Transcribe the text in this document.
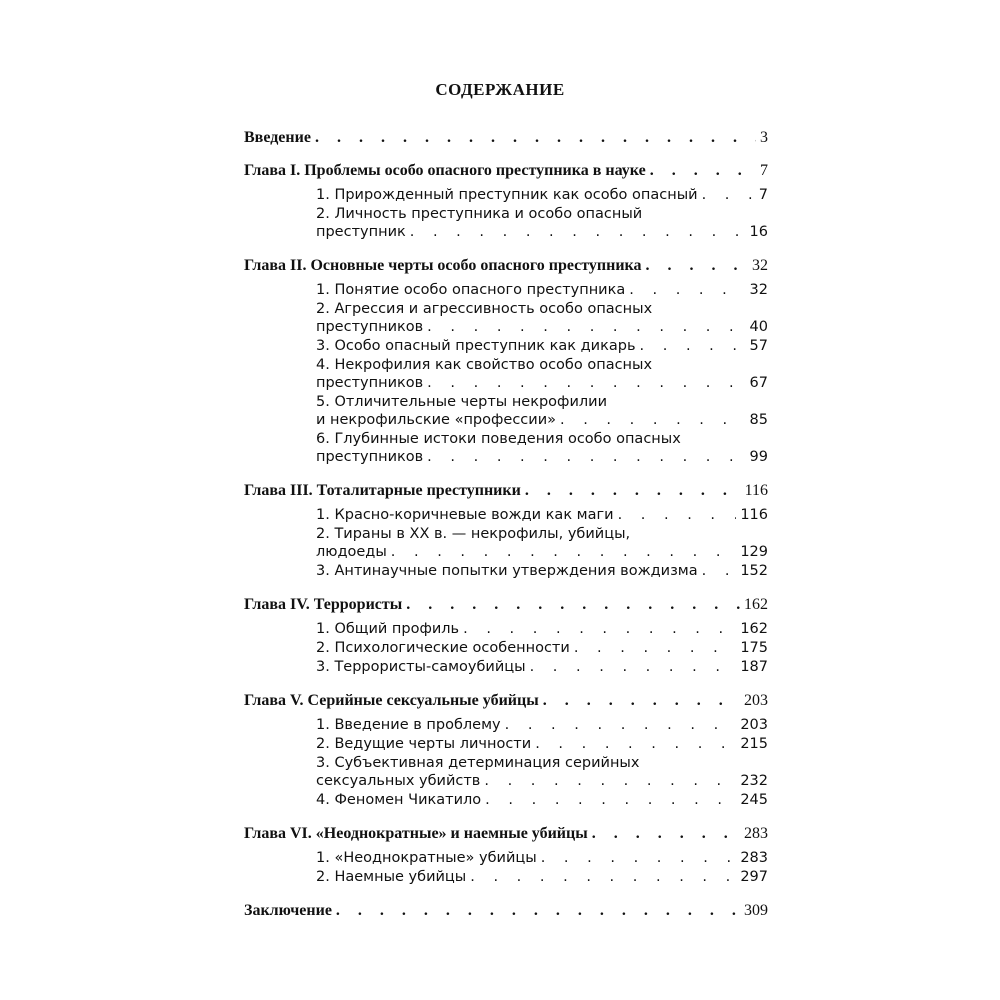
СОДЕРЖАНИЕ
Введение . . .	3
Глава I. Проблемы особо опасного преступника в науке . . .	7
1. Прирожденный преступник как особо опасный . . .	7
2. Личность преступника и особо опасный
преступник . . .	16
Глава II. Основные черты особо опасного преступника . . .	32
1. Понятие особо опасного преступника . . .	32
2. Агрессия и агрессивность особо опасных
преступников . . .	40
3. Особо опасный преступник как дикарь . . .	57
4. Некрофилия как свойство особо опасных
преступников . . .	67
5. Отличительные черты некрофилии
и некрофильские «профессии» . . .	85
6. Глубинные истоки поведения особо опасных
преступников . . .	99
Глава III. Тоталитарные преступники . . .	116
1. Красно-коричневые вожди как маги . . .	116
2. Тираны в XX в. — некрофилы, убийцы,
людоеды . . .	129
3. Антинаучные попытки утверждения вождизма . . .	152
Глава IV. Террористы . . .	162
1. Общий профиль . . .	162
2. Психологические особенности . . .	175
3. Террористы-самоубийцы . . .	187
Глава V. Серийные сексуальные убийцы . . .	203
1. Введение в проблему . . .	203
2. Ведущие черты личности . . .	215
3. Субъективная детерминация серийных
сексуальных убийств . . .	232
4. Феномен Чикатило . . .	245
Глава VI. «Неоднократные» и наемные убийцы . . .	283
1. «Неоднократные» убийцы . . .	283
2. Наемные убийцы . . .	297
Заключение . . .	309
